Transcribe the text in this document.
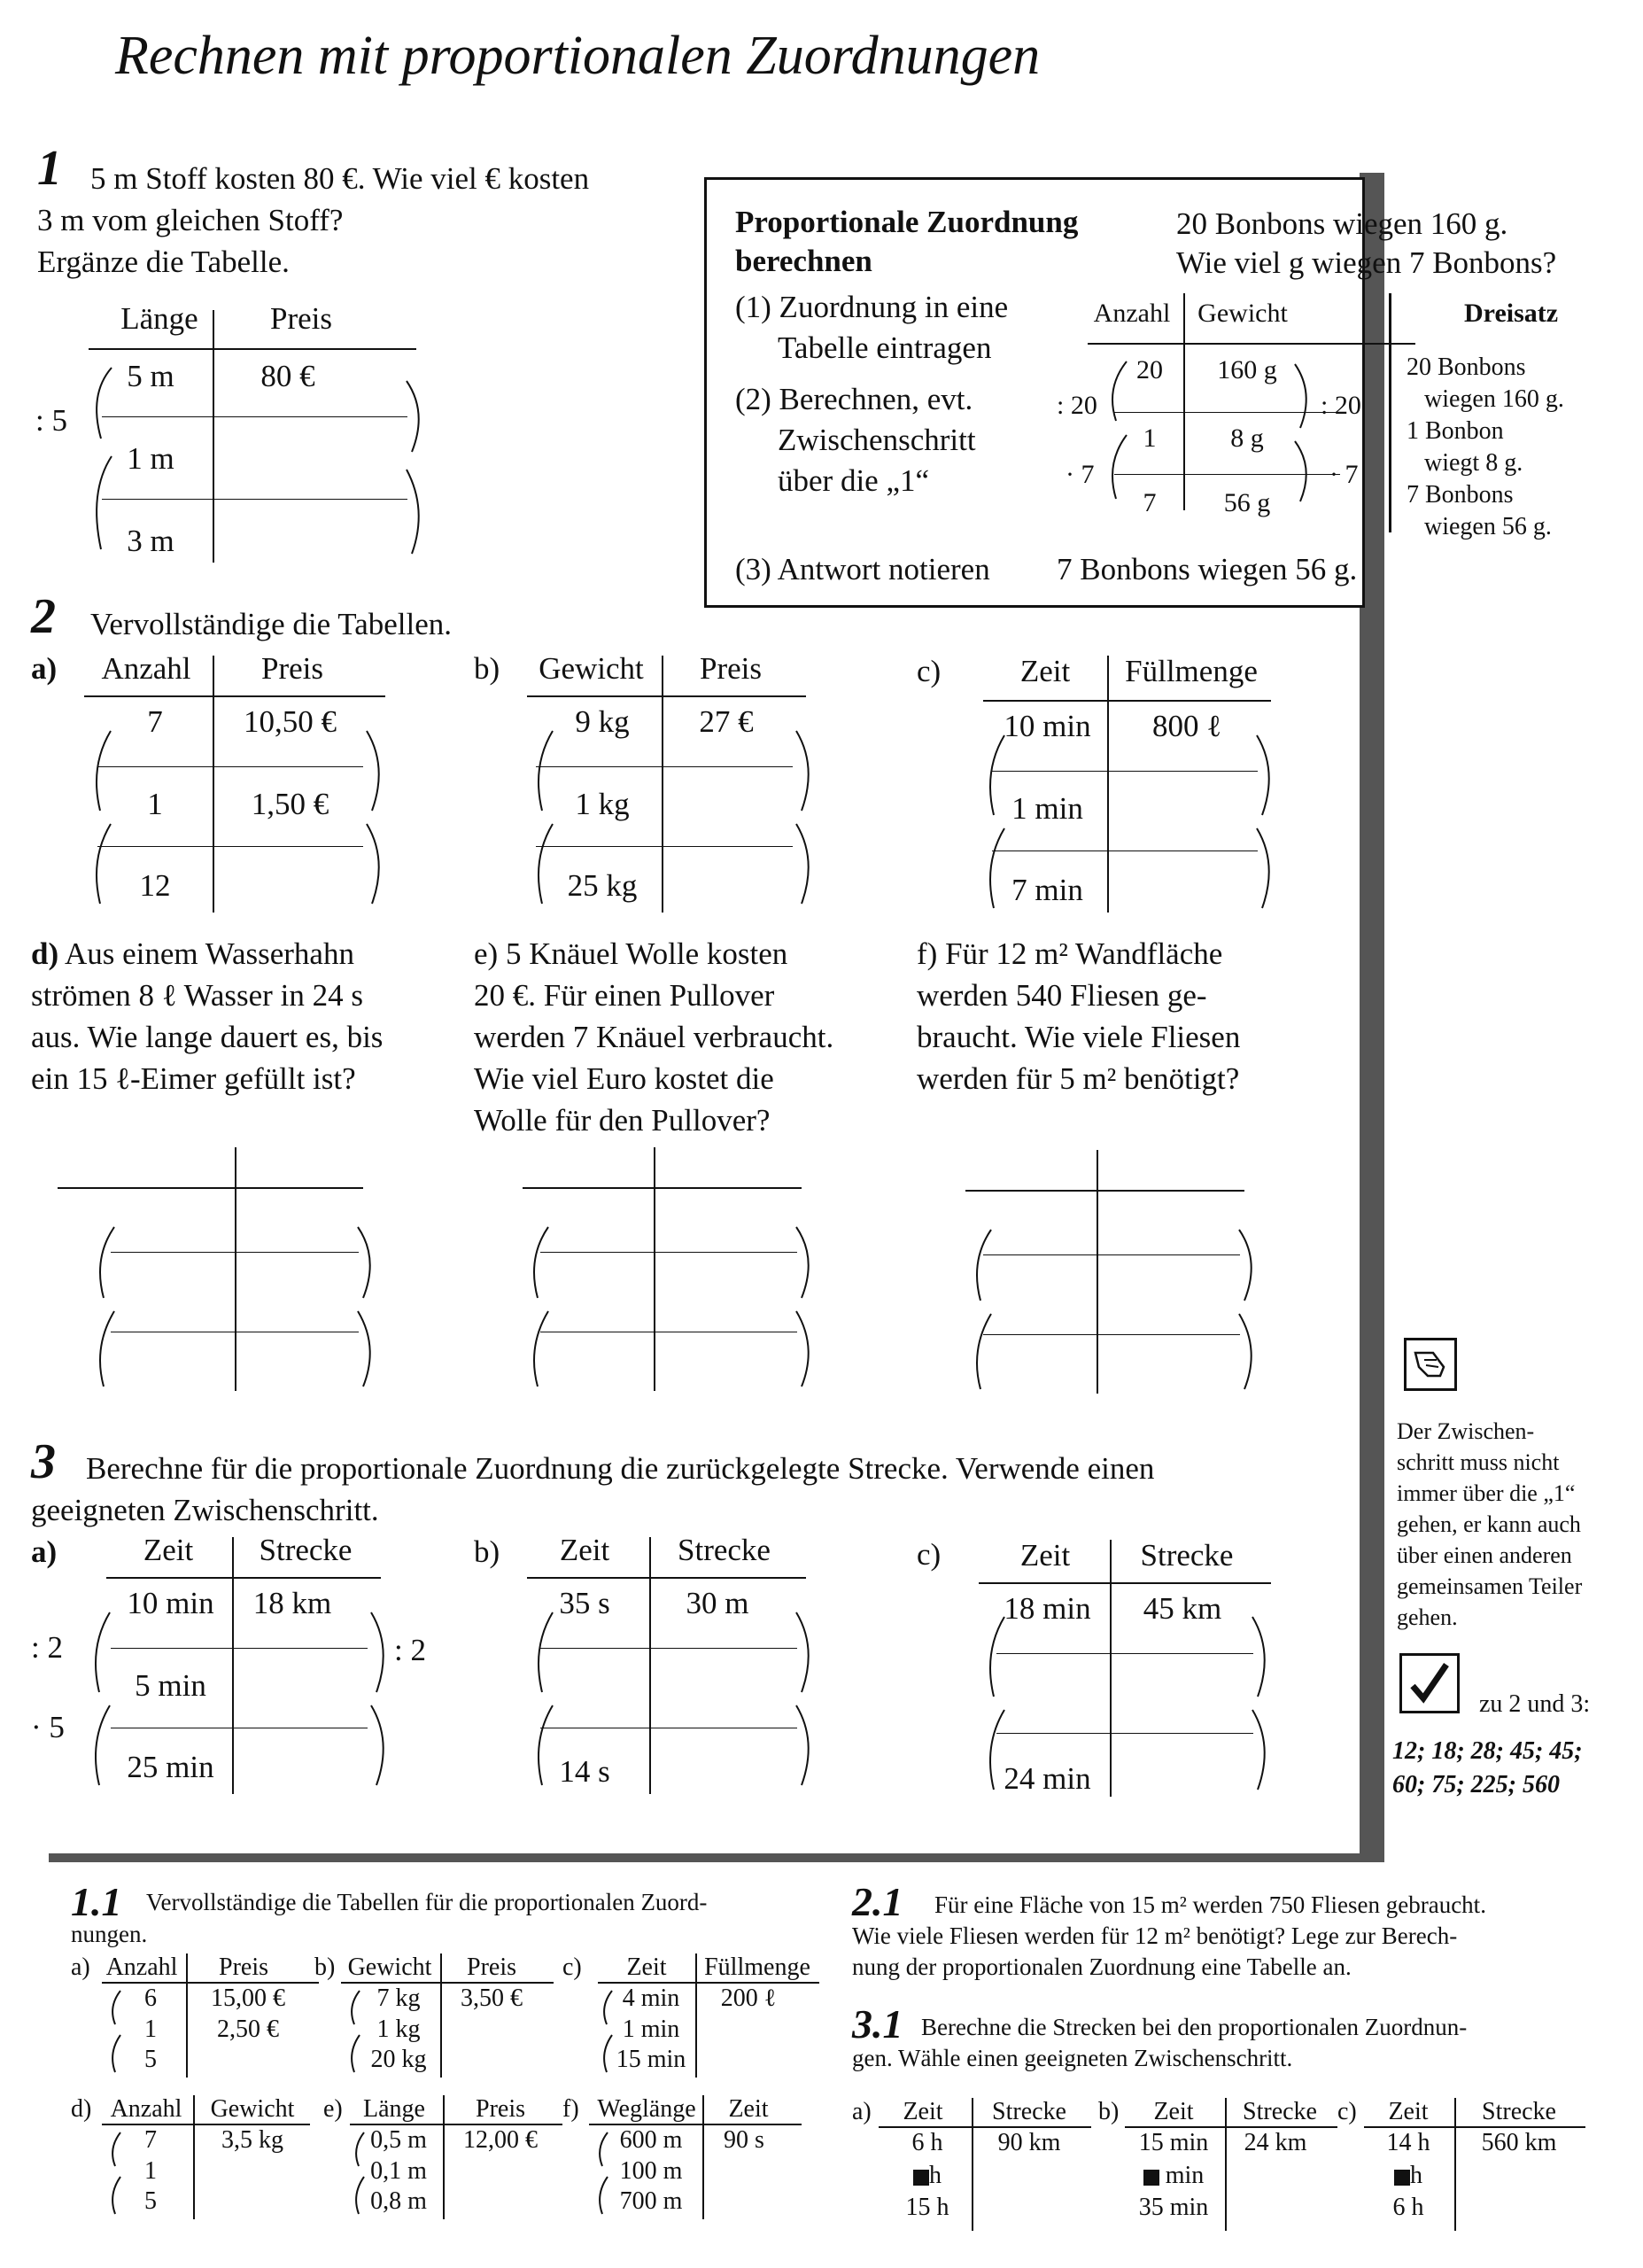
Rechnen mit proportionalen Zuordnungen
1 5 m Stoff kosten 80 €. Wie viel € kosten
3 m vom gleichen Stoff?
Ergänze die Tabelle.
Länge	Preis
5 m	80 €
1 m
3 m
: 5
Proportionale Zuordnung
berechnen
20 Bonbons wiegen 160 g.
Wie viel g wiegen 7 Bonbons?
(1) Zuordnung in eine
Tabelle eintragen
(2) Berechnen, evt.
Zwischenschritt
über die „1“
(3) Antwort notieren 7 Bonbons wiegen 56 g.
Anzahl	Gewicht
20	160 g
1	8 g
7	56 g
: 20
· 7
: 20
· 7
Dreisatz
20 Bonbons
wiegen 160 g.
1 Bonbon
wiegt 8 g.
7 Bonbons
wiegen 56 g.
2 Vervollständige die Tabellen.
a)	Anzahl	Preis
7	10,50 €
1	1,50 €
12
b)	Gewicht	Preis
9 kg	27 €
1 kg
25 kg
c)	Zeit	Füllmenge
10 min	800 ℓ
1 min
7 min
d) Aus einem Wasserhahn
strömen 8 ℓ Wasser in 24 s
aus. Wie lange dauert es, bis
ein 15 ℓ-Eimer gefüllt ist?
e) 5 Knäuel Wolle kosten
20 €. Für einen Pullover
werden 7 Knäuel verbraucht.
Wie viel Euro kostet die
Wolle für den Pullover?
f) Für 12 m² Wandfläche
werden 540 Fliesen ge-
braucht. Wie viele Fliesen
werden für 5 m² benötigt?
3 Berechne für die proportionale Zuordnung die zurückgelegte Strecke. Verwende einen
geeigneten Zwischenschritt.
a)	Zeit	Strecke
10 min	18 km
5 min
25 min
: 2
· 5
: 2
b)	Zeit	Strecke
35 s	30 m
14 s
c)	Zeit	Strecke
18 min	45 km
24 min
Der Zwischen-
schritt muss nicht
immer über die „1“
gehen, er kann auch
über einen anderen
gemeinsamen Teiler
gehen.
zu 2 und 3:
12; 18; 28; 45; 45;
60; 75; 225; 560
1.1 Vervollständige die Tabellen für die proportionalen Zuord-
nungen.
a) Anzahl	Preis
6	15,00 €
1	2,50 €
5
b) Gewicht	Preis
7 kg	3,50 €
1 kg
20 kg
c)	Zeit	Füllmenge
4 min	200 ℓ
1 min
15 min
d) Anzahl	Gewicht
7	3,5 kg
1
5
e) Länge	Preis
0,5 m	12,00 €
0,1 m
0,8 m
f) Weglänge	Zeit
600 m	90 s
100 m
700 m
2.1 Für eine Fläche von 15 m² werden 750 Fliesen gebraucht.
Wie viele Fliesen werden für 12 m² benötigt? Lege zur Berech-
nung der proportionalen Zuordnung eine Tabelle an.
3.1 Berechne die Strecken bei den proportionalen Zuordnun-
gen. Wähle einen geeigneten Zwischenschritt.
a)	Zeit	Strecke
6 h	90 km
h
15 h
b)	Zeit	Strecke
15 min	24 km
min
35 min
c)	Zeit	Strecke
14 h	560 km
h
6 h
